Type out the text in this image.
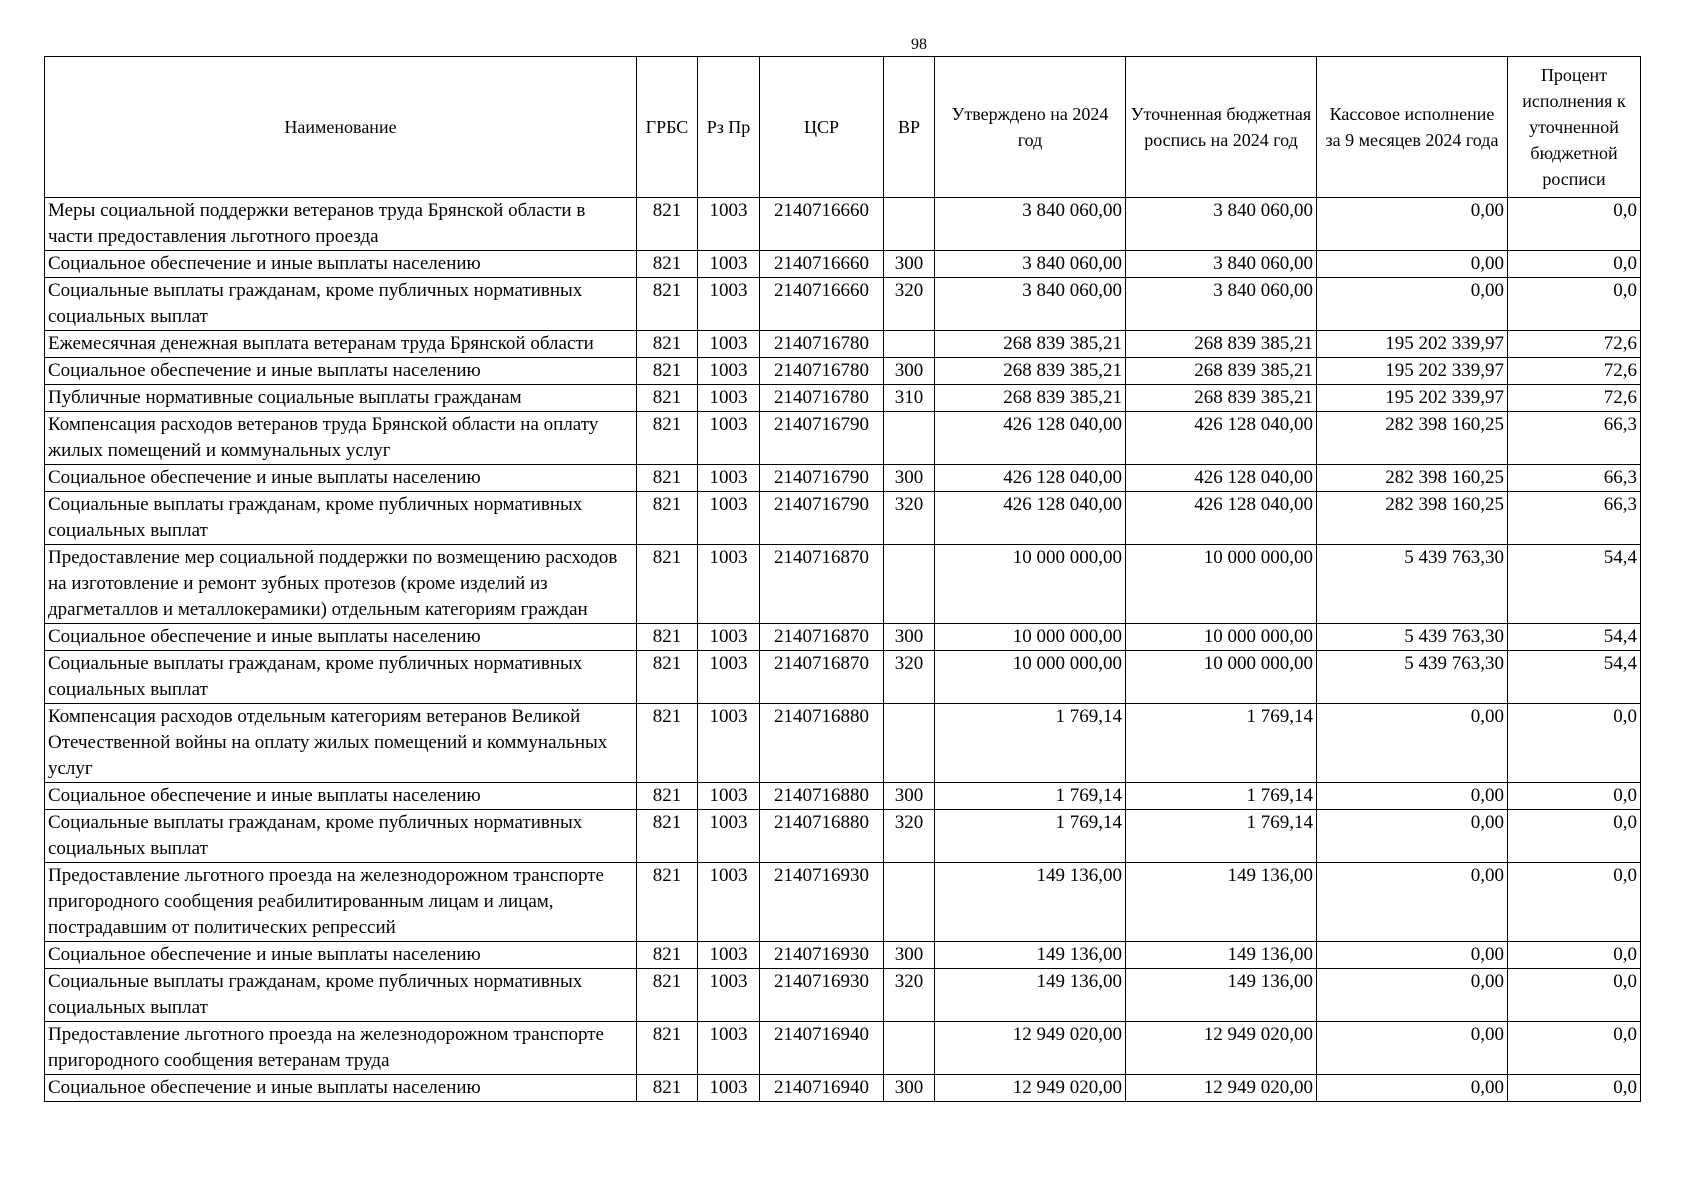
98
Наименование	ГРБС	Рз Пр	ЦСР	ВР	Утверждено на 2024 год	Уточненная бюджетная роспись на 2024 год	Кассовое исполнение за 9 месяцев 2024 года	Процент исполнения к уточненной бюджетной росписи
Меры социальной поддержки ветеранов труда Брянской области в части предоставления льготного проезда	821	1003	2140716660		3 840 060,00	3 840 060,00	0,00	0,0
Социальное обеспечение и иные выплаты населению	821	1003	2140716660	300	3 840 060,00	3 840 060,00	0,00	0,0
Социальные выплаты гражданам, кроме публичных нормативных социальных выплат	821	1003	2140716660	320	3 840 060,00	3 840 060,00	0,00	0,0
Ежемесячная денежная выплата ветеранам труда Брянской области	821	1003	2140716780		268 839 385,21	268 839 385,21	195 202 339,97	72,6
Социальное обеспечение и иные выплаты населению	821	1003	2140716780	300	268 839 385,21	268 839 385,21	195 202 339,97	72,6
Публичные нормативные социальные выплаты гражданам	821	1003	2140716780	310	268 839 385,21	268 839 385,21	195 202 339,97	72,6
Компенсация расходов ветеранов труда Брянской области на оплату жилых помещений и коммунальных услуг	821	1003	2140716790		426 128 040,00	426 128 040,00	282 398 160,25	66,3
Социальное обеспечение и иные выплаты населению	821	1003	2140716790	300	426 128 040,00	426 128 040,00	282 398 160,25	66,3
Социальные выплаты гражданам, кроме публичных нормативных социальных выплат	821	1003	2140716790	320	426 128 040,00	426 128 040,00	282 398 160,25	66,3
Предоставление мер социальной поддержки по возмещению расходов на изготовление и ремонт зубных протезов (кроме изделий из драгметаллов и металлокерамики) отдельным категориям граждан	821	1003	2140716870		10 000 000,00	10 000 000,00	5 439 763,30	54,4
Социальное обеспечение и иные выплаты населению	821	1003	2140716870	300	10 000 000,00	10 000 000,00	5 439 763,30	54,4
Социальные выплаты гражданам, кроме публичных нормативных социальных выплат	821	1003	2140716870	320	10 000 000,00	10 000 000,00	5 439 763,30	54,4
Компенсация расходов отдельным категориям ветеранов Великой Отечественной войны на оплату жилых помещений и коммунальных услуг	821	1003	2140716880		1 769,14	1 769,14	0,00	0,0
Социальное обеспечение и иные выплаты населению	821	1003	2140716880	300	1 769,14	1 769,14	0,00	0,0
Социальные выплаты гражданам, кроме публичных нормативных социальных выплат	821	1003	2140716880	320	1 769,14	1 769,14	0,00	0,0
Предоставление льготного проезда на железнодорожном транспорте пригородного сообщения реабилитированным лицам и лицам, пострадавшим от политических репрессий	821	1003	2140716930		149 136,00	149 136,00	0,00	0,0
Социальное обеспечение и иные выплаты населению	821	1003	2140716930	300	149 136,00	149 136,00	0,00	0,0
Социальные выплаты гражданам, кроме публичных нормативных социальных выплат	821	1003	2140716930	320	149 136,00	149 136,00	0,00	0,0
Предоставление льготного проезда на железнодорожном транспорте пригородного сообщения ветеранам труда	821	1003	2140716940		12 949 020,00	12 949 020,00	0,00	0,0
Социальное обеспечение и иные выплаты населению	821	1003	2140716940	300	12 949 020,00	12 949 020,00	0,00	0,0
